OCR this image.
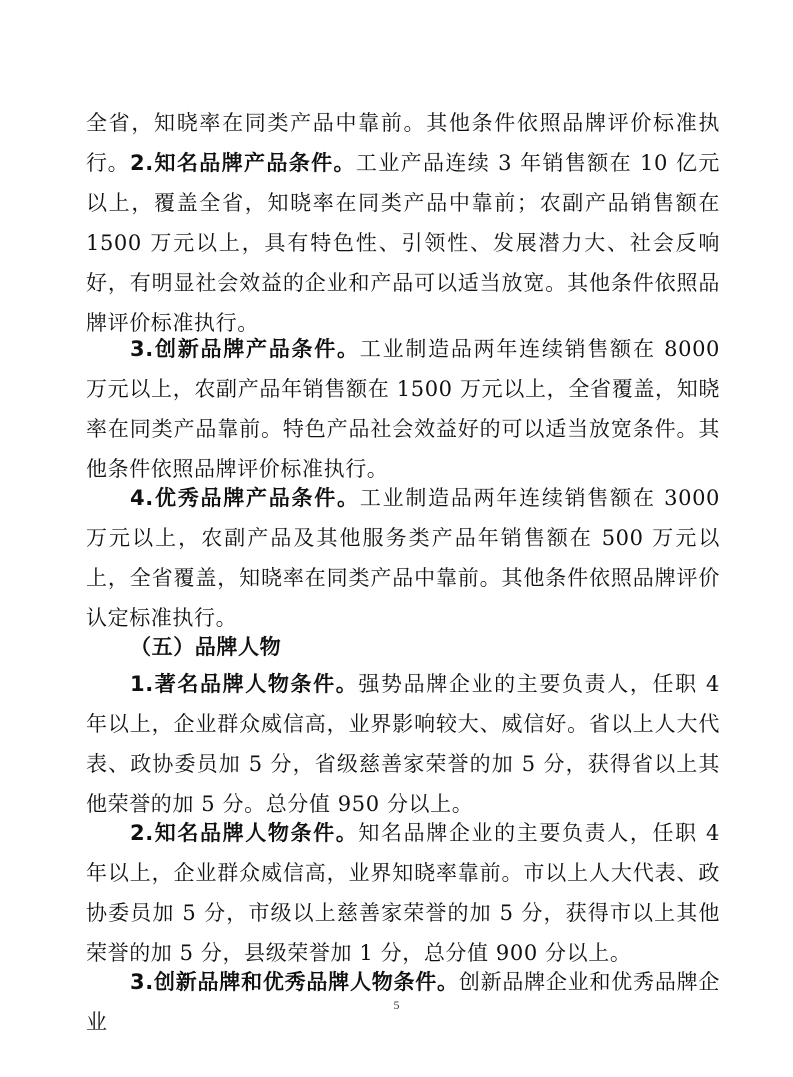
全省，知晓率在同类产品中靠前。其他条件依照品牌评价标准执行。 2.知名品牌产品条件。工业产品连续 3 年销售额在 10 亿元以上，覆盖全省，知晓率在同类产品中靠前；农副产品销售额在1500 万元以上，具有特色性、引领性、发展潜力大、社会反响好，有明显社会效益的企业和产品可以适当放宽。其他条件依照品牌评价标准执行。

3.创新品牌产品条件。工业制造品两年连续销售额在 8000 万元以上，农副产品年销售额在 1500 万元以上，全省覆盖，知晓率在同类产品靠前。特色产品社会效益好的可以适当放宽条件。其他条件依照品牌评价标准执行。

4.优秀品牌产品条件。工业制造品两年连续销售额在 3000 万元以上，农副产品及其他服务类产品年销售额在 500 万元以上，全省覆盖，知晓率在同类产品中靠前。其他条件依照品牌评价认定标准执行。

（五）品牌人物

1.著名品牌人物条件。强势品牌企业的主要负责人，任职 4 年以上，企业群众威信高，业界影响较大、威信好。省以上人大代表、政协委员加 5 分，省级慈善家荣誉的加 5 分，获得省以上其他荣誉的加 5 分。总分值 950 分以上。

2.知名品牌人物条件。知名品牌企业的主要负责人，任职 4 年以上，企业群众威信高，业界知晓率靠前。市以上人大代表、政协委员加 5 分，市级以上慈善家荣誉的加 5 分，获得市以上其他荣誉的加 5 分，县级荣誉加 1 分，总分值 900 分以上。

3.创新品牌和优秀品牌人物条件。创新品牌企业和优秀品牌企业

5
